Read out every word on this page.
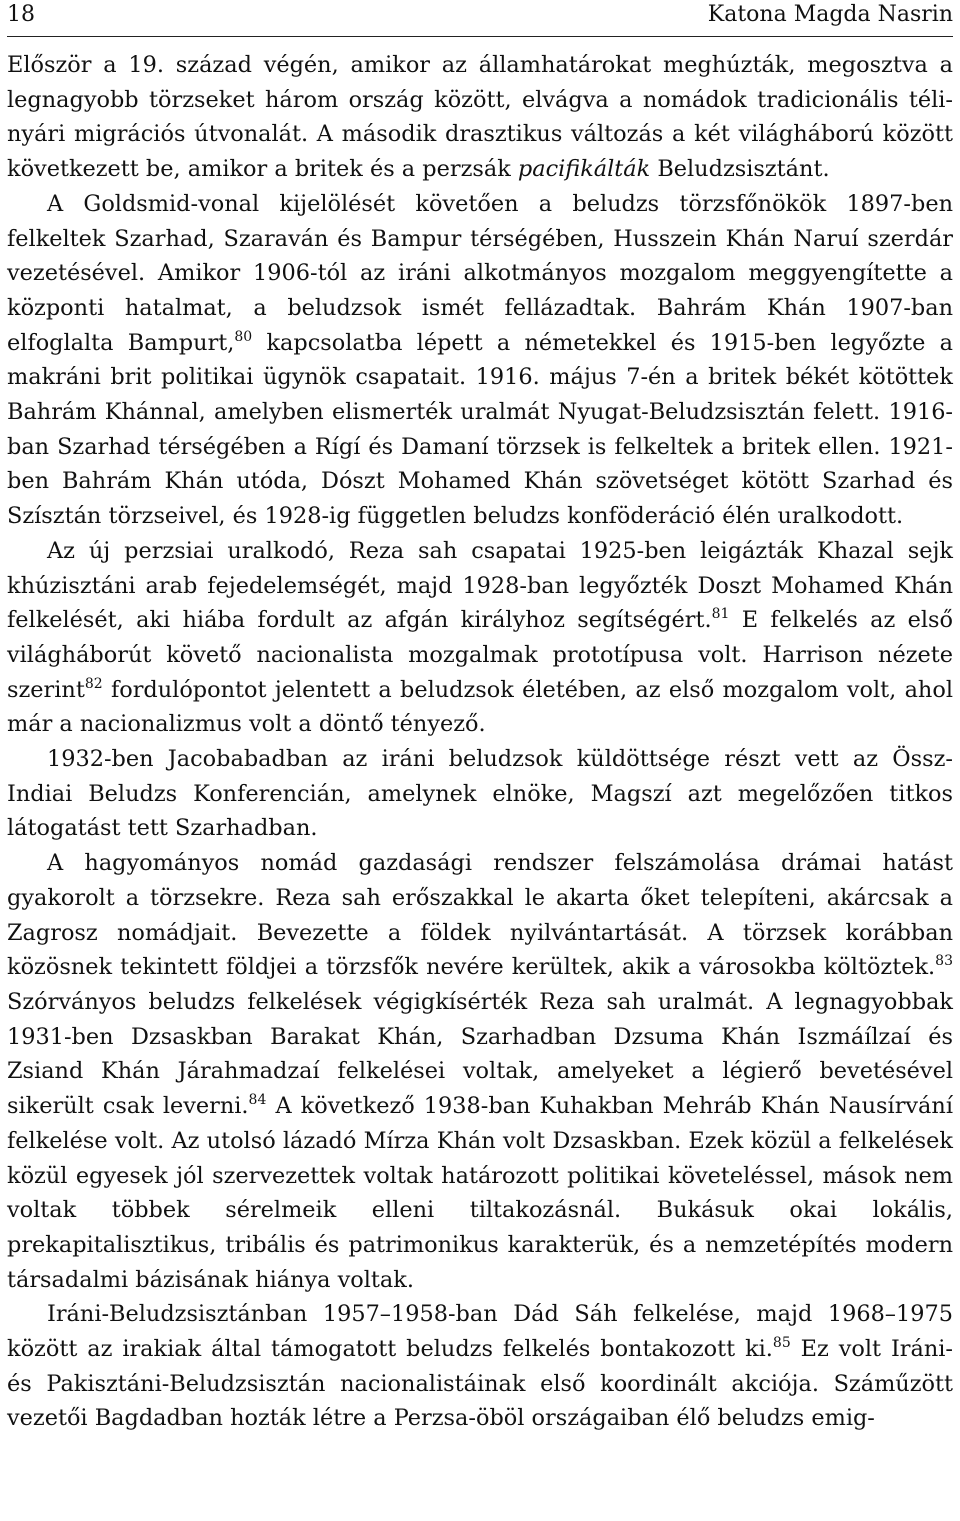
18	Katona Magda Nasrin

Először a 19. század végén, amikor az államhatárokat meghúzták, megosztva a legnagyobb törzseket három ország között, elvágva a nomádok tradicionális téli-nyári migrációs útvonalát. A második drasztikus változás a két világháború között következett be, amikor a britek és a perzsák pacifikálták Beludzsisztánt.

A Goldsmid-vonal kijelölését követően a beludzs törzsfőnökök 1897-ben felkeltek Szarhad, Szaraván és Bampur térségében, Husszein Khán Naruí szerdár vezetésével. Amikor 1906-tól az iráni alkotmányos mozgalom meggyengítette a központi hatalmat, a beludzsok ismét fellázadtak. Bahrám Khán 1907-ban elfoglalta Bampurt,$^{80}$ kapcsolatba lépett a németekkel és 1915-ben legyőzte a makráni brit politikai ügynök csapatait. 1916. május 7-én a britek békét kötöttek Bahrám Khánnal, amelyben elismerték uralmát Nyugat-Beludzsisztán felett. 1916-ban Szarhad térségében a Rígí és Damaní törzsek is felkeltek a britek ellen. 1921-ben Bahrám Khán utóda, Dószt Mohamed Khán szövetséget kötött Szarhad és Szísztán törzseivel, és 1928-ig független beludzs konföderáció élén uralkodott.

Az új perzsiai uralkodó, Reza sah csapatai 1925-ben leigázták Khazal sejk khúzisztáni arab fejedelemségét, majd 1928-ban legyőzték Doszt Mohamed Khán felkelését, aki hiába fordult az afgán királyhoz segítségért.$^{81}$ E felkelés az első világháborút követő nacionalista mozgalmak prototípusa volt. Harrison nézete szerint$^{82}$ fordulópontot jelentett a beludzsok életében, az első mozgalom volt, ahol már a nacionalizmus volt a döntő tényező.

1932-ben Jacobabadban az iráni beludzsok küldöttsége részt vett az Össz-Indiai Beludzs Konferencián, amelynek elnöke, Magszí azt megelőzően titkos látogatást tett Szarhadban.

A hagyományos nomád gazdasági rendszer felszámolása drámai hatást gyakorolt a törzsekre. Reza sah erőszakkal le akarta őket telepíteni, akárcsak a Zagrosz nomádjait. Bevezette a földek nyilvántartását. A törzsek korábban közösnek tekintett földjei a törzsfők nevére kerültek, akik a városokba költöztek.$^{83}$ Szórványos beludzs felkelések végigkísérték Reza sah uralmát. A legnagyobbak 1931-ben Dzsaskban Barakat Khán, Szarhadban Dzsuma Khán Iszmáílzaí és Zsiand Khán Járahmadzaí felkelései voltak, amelyeket a légierő bevetésével sikerült csak leverni.$^{84}$ A következő 1938-ban Kuhakban Mehráb Khán Nausírvání felkelése volt. Az utolsó lázadó Mírza Khán volt Dzsaskban. Ezek közül a felkelések közül egyesek jól szervezettek voltak határozott politikai követeléssel, mások nem voltak többek sérelmeik elleni tiltakozásnál. Bukásuk okai lokális, prekapitalisztikus, tribális és patrimonikus karakterük, és a nemzetépítés modern társadalmi bázisának hiánya voltak.

Iráni-Beludzsisztánban 1957–1958-ban Dád Sáh felkelése, majd 1968–1975 között az irakiak által támogatott beludzs felkelés bontakozott ki.$^{85}$ Ez volt Iráni- és Pakisztáni-Beludzsisztán nacionalistáinak első koordinált akciója. Száműzött vezetői Bagdadban hozták létre a Perzsa-öböl országaiban élő beludzs emig-
